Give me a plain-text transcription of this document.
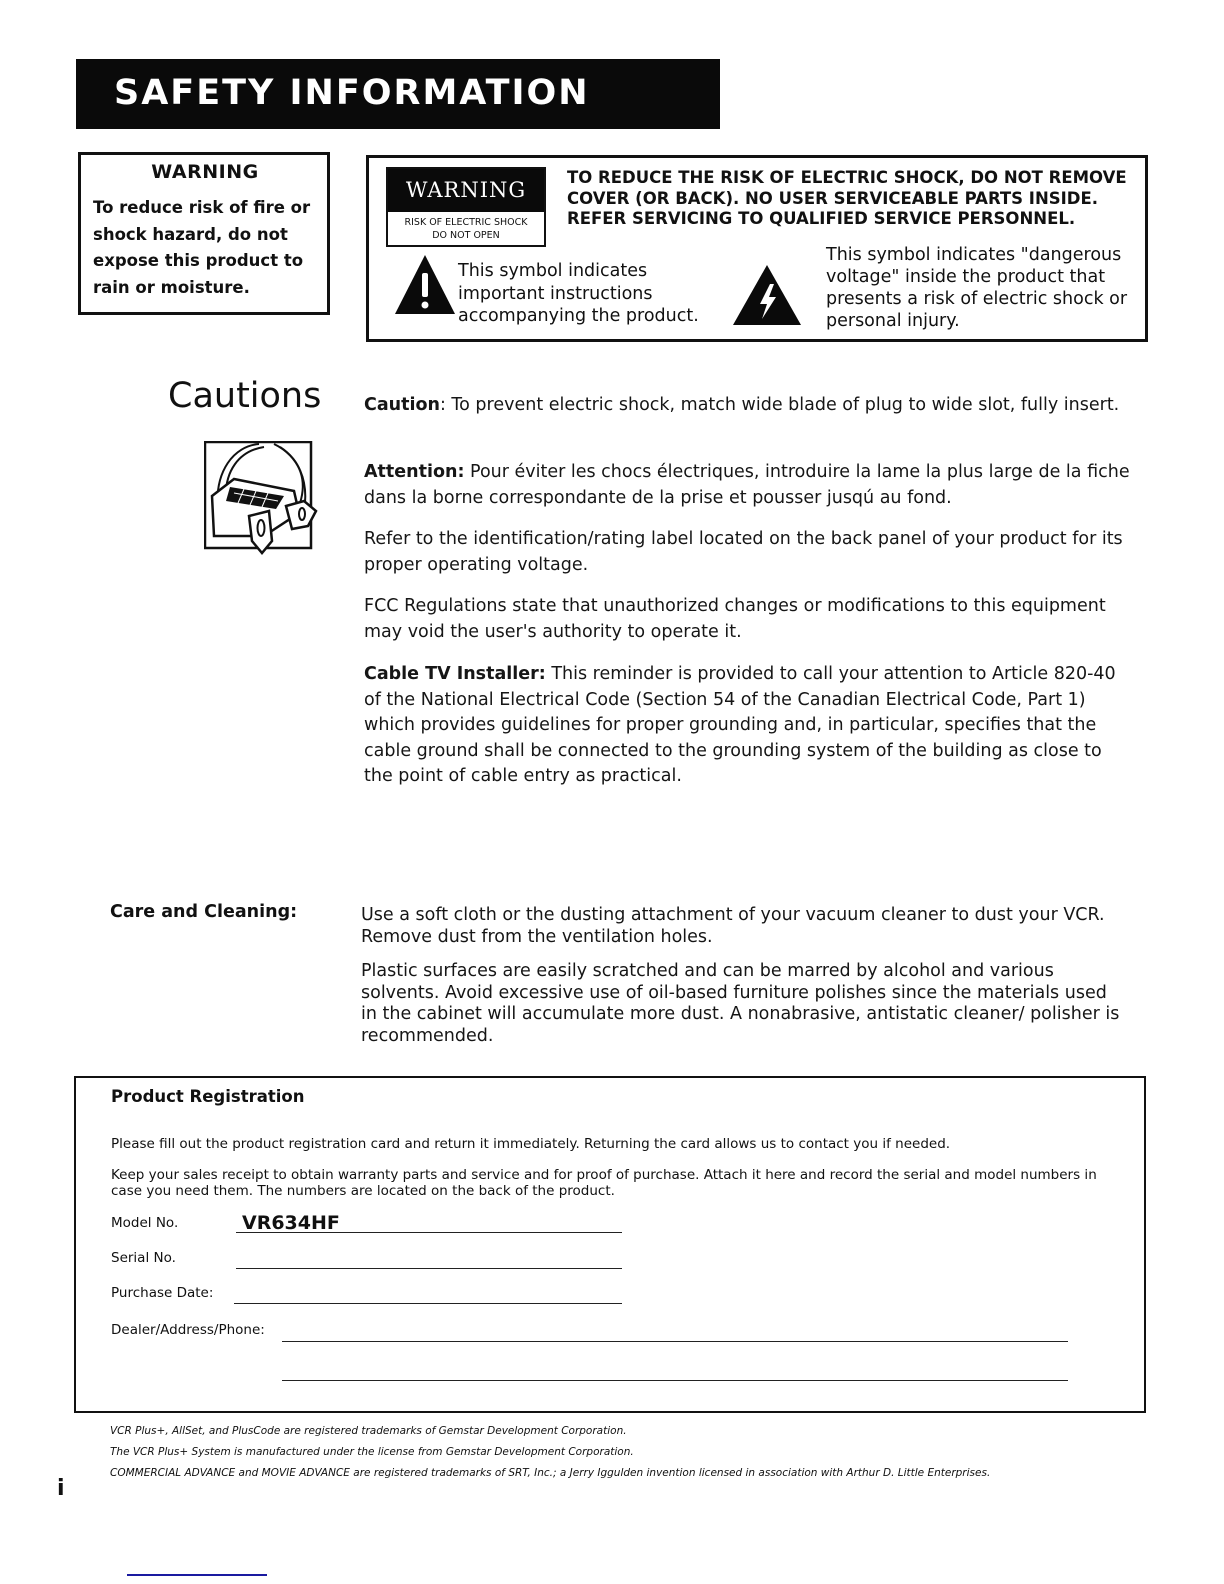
SAFETY INFORMATION
WARNING
To reduce risk of fire or shock hazard, do not expose this product to rain or moisture.
WARNING
RISK OF ELECTRIC SHOCK
DO NOT OPEN
TO REDUCE THE RISK OF ELECTRIC SHOCK, DO NOT REMOVE
COVER (OR BACK). NO USER SERVICEABLE PARTS INSIDE.
REFER SERVICING TO QUALIFIED SERVICE PERSONNEL.
This symbol indicates
important instructions
accompanying the product.
This symbol indicates "dangerous
voltage" inside the product that
presents a risk of electric shock or
personal injury.
Cautions Caution: To prevent electric shock, match wide blade of plug to wide slot, fully insert.
Attention: Pour éviter les chocs électriques, introduire la lame la plus large de la fiche dans la borne correspondante de la prise et pousser jusqú au fond.
Refer to the identification/rating label located on the back panel of your product for its proper operating voltage.
FCC Regulations state that unauthorized changes or modifications to this equipment may void the user's authority to operate it.
Cable TV Installer: This reminder is provided to call your attention to Article 820-40 of the National Electrical Code (Section 54 of the Canadian Electrical Code, Part 1) which provides guidelines for proper grounding and, in particular, specifies that the cable ground shall be connected to the grounding system of the building as close to the point of cable entry as practical.
Care and Cleaning:	Use a soft cloth or the dusting attachment of your vacuum cleaner to dust your VCR. Remove dust from the ventilation holes.
Plastic surfaces are easily scratched and can be marred by alcohol and various solvents. Avoid excessive use of oil-based furniture polishes since the materials used in the cabinet will accumulate more dust. A nonabrasive, antistatic cleaner/ polisher is recommended.
Product Registration
Please fill out the product registration card and return it immediately. Returning the card allows us to contact you if needed.
Keep your sales receipt to obtain warranty parts and service and for proof of purchase. Attach it here and record the serial and model numbers in case you need them. The numbers are located on the back of the product.
Model No.	VR634HF
Serial No.
Purchase Date:
Dealer/Address/Phone:
VCR Plus+, AllSet, and PlusCode are registered trademarks of Gemstar Development Corporation.
The VCR Plus+ System is manufactured under the license from Gemstar Development Corporation.
COMMERCIAL ADVANCE and MOVIE ADVANCE are registered trademarks of SRT, Inc.; a Jerry Iggulden invention licensed in association with Arthur D. Little Enterprises.
i
